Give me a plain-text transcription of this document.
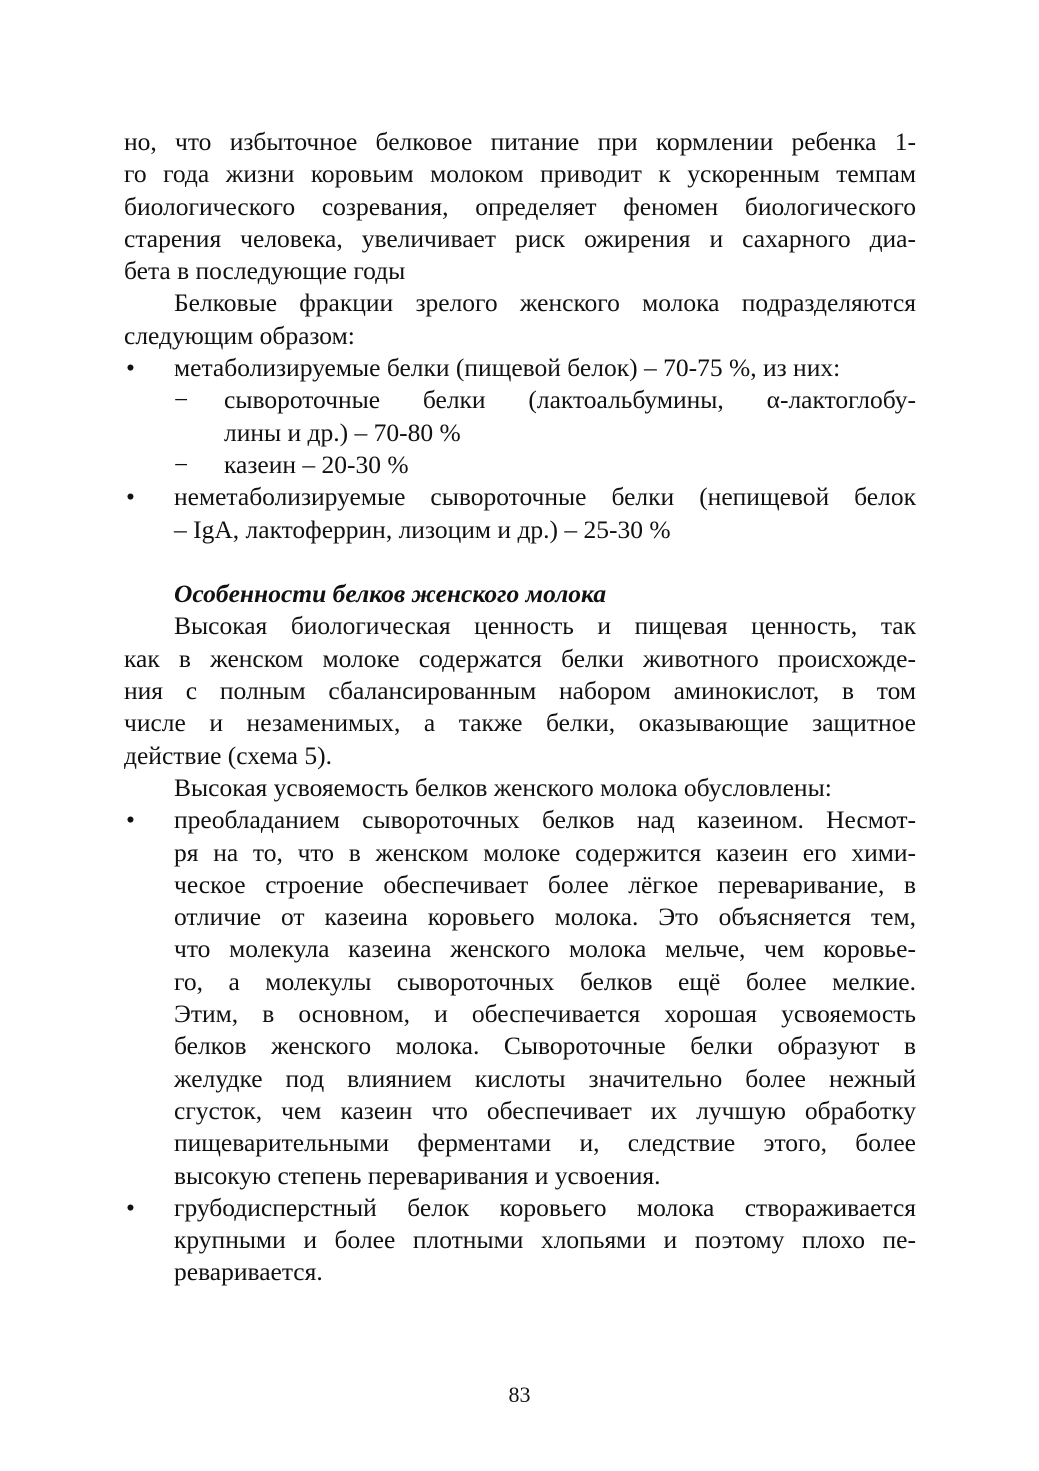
но, что избыточное белковое питание при кормлении ребенка 1-
го года жизни коровьим молоком приводит к ускоренным темпам
биологического созревания, определяет феномен биологического
старения человека, увеличивает риск ожирения и сахарного диа-
бета в последующие годы
Белковые фракции зрелого женского молока подразделяются
следующим образом:
• метаболизируемые белки (пищевой белок) – 70-75 %, из них:
− сывороточные белки (лактоальбумины, α-лактоглобу-
лины и др.) – 70-80 %
− казеин – 20-30 %
• неметаболизируемые сывороточные белки (непищевой белок
– IgA, лактоферрин, лизоцим и др.) – 25-30 %
Особенности белков женского молока
Высокая биологическая ценность и пищевая ценность, так
как в женском молоке содержатся белки животного происхожде-
ния с полным сбалансированным набором аминокислот, в том
числе и незаменимых, а также белки, оказывающие защитное
действие (схема 5).
Высокая усвояемость белков женского молока обусловлены:
• преобладанием сывороточных белков над казеином. Несмот-
ря на то, что в женском молоке содержится казеин его хими-
ческое строение обеспечивает более лёгкое переваривание, в
отличие от казеина коровьего молока. Это объясняется тем,
что молекула казеина женского молока мельче, чем коровье-
го, а молекулы сывороточных белков ещё более мелкие.
Этим, в основном, и обеспечивается хорошая усвояемость
белков женского молока. Сывороточные белки образуют в
желудке под влиянием кислоты значительно более нежный
сгусток, чем казеин что обеспечивает их лучшую обработку
пищеварительными ферментами и, следствие этого, более
высокую степень переваривания и усвоения.
• грубодисперстный белок коровьего молока створаживается
крупными и более плотными хлопьями и поэтому плохо пе-
реваривается.
83
